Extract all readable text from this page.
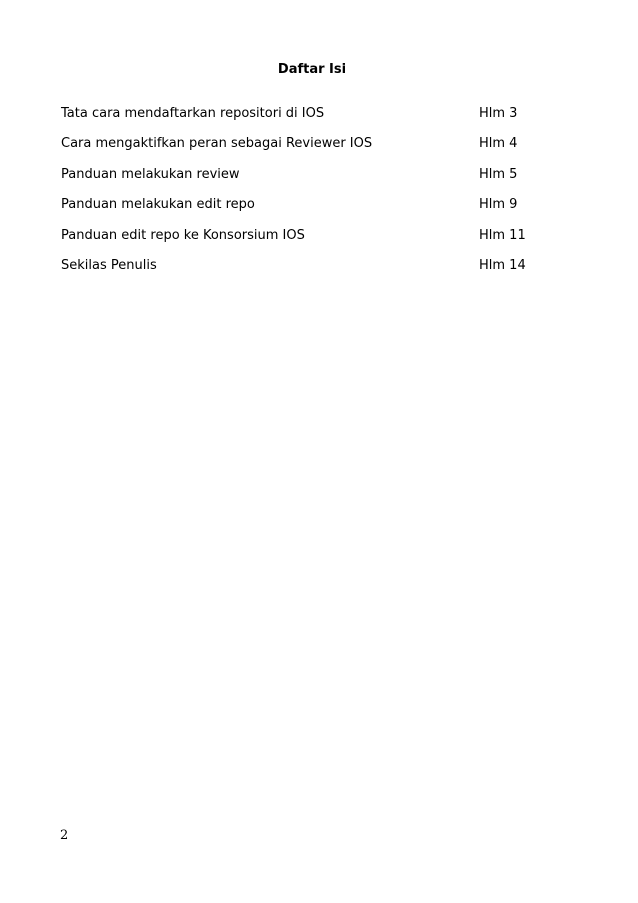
Daftar Isi
Tata cara mendaftarkan repositori di IOS	Hlm 3
Cara mengaktifkan peran sebagai Reviewer IOS	Hlm 4
Panduan melakukan review	Hlm 5
Panduan melakukan edit repo	Hlm 9
Panduan edit repo ke Konsorsium IOS	Hlm 11
Sekilas Penulis	Hlm 14
2
